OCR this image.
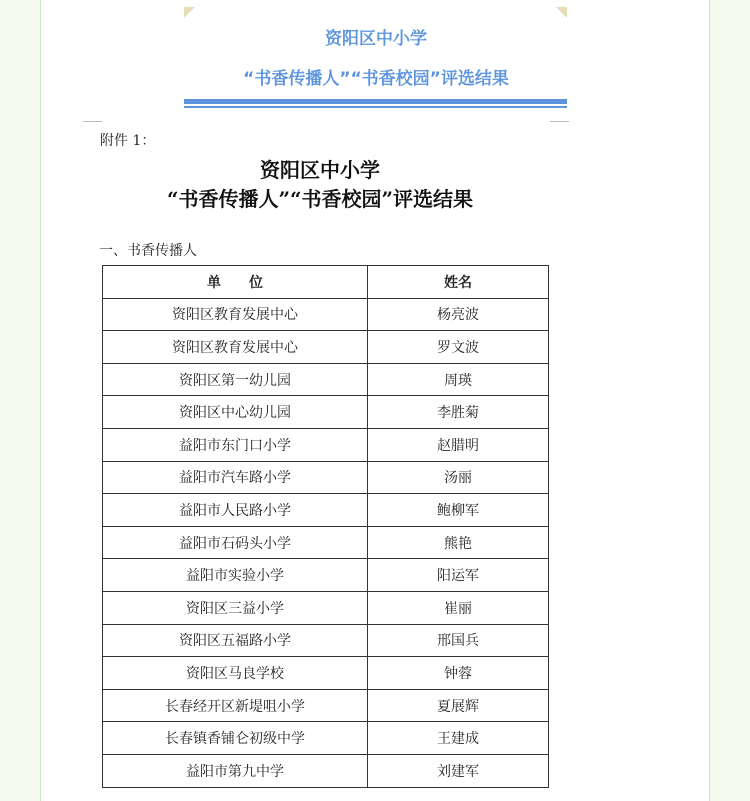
资阳区中小学
“书香传播人”“书香校园”评选结果
附件 1：
资阳区中小学
“书香传播人”“书香校园”评选结果
一、书香传播人
单　　位	姓名
资阳区教育发展中心	杨亮波
资阳区教育发展中心	罗文波
资阳区第一幼儿园	周瑛
资阳区中心幼儿园	李胜菊
益阳市东门口小学	赵腊明
益阳市汽车路小学	汤丽
益阳市人民路小学	鲍柳军
益阳市石码头小学	熊艳
益阳市实验小学	阳运军
资阳区三益小学	崔丽
资阳区五福路小学	邢国兵
资阳区马良学校	钟蓉
长春经开区新堤咀小学	夏展辉
长春镇香铺仑初级中学	王建成
益阳市第九中学	刘建军
